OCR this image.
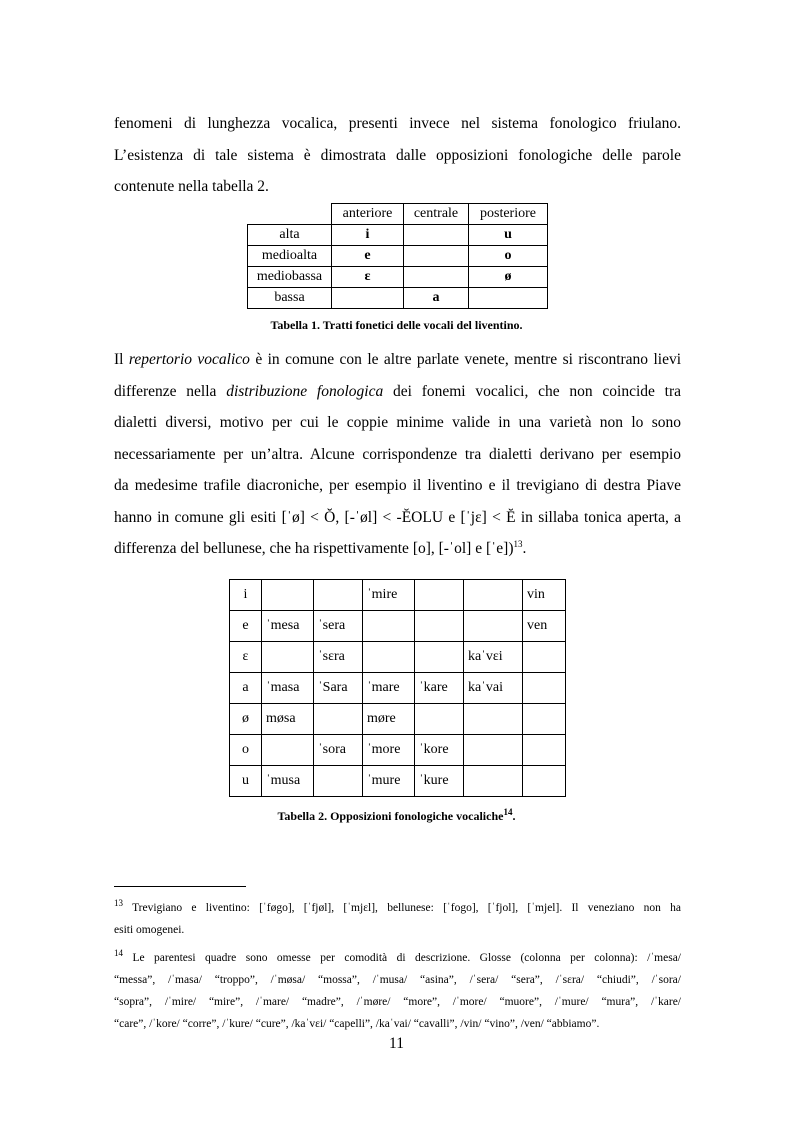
fenomeni di lunghezza vocalica, presenti invece nel sistema fonologico friulano.
L’esistenza di tale sistema è dimostrata dalle opposizioni fonologiche delle parole
contenute nella tabella 2.

	anteriore	centrale	posteriore
alta	i		u
medioalta	e		o
mediobassa	ɛ		ø
bassa		a	
Tabella 1. Tratti fonetici delle vocali del liventino.

Il repertorio vocalico è in comune con le altre parlate venete, mentre si riscontrano lievi
differenze nella distribuzione fonologica dei fonemi vocalici, che non coincide tra
dialetti diversi, motivo per cui le coppie minime valide in una varietà non lo sono
necessariamente per un’altra. Alcune corrispondenze tra dialetti derivano per esempio
da medesime trafile diacroniche, per esempio il liventino e il trevigiano di destra Piave
hanno in comune gli esiti [ˈø] < Ŏ, [-ˈøl] < -ĔOLU e [ˈjɛ] < Ĕ in sillaba tonica aperta, a
differenza del bellunese, che ha rispettivamente [o], [-ˈol] e [ˈe])$^{13}$.

i			ˈmire			vin
e	ˈmesa	ˈsera				ven
ɛ		ˈsɛra			kaˈvɛi	
a	ˈmasa	ˈSara	ˈmare	ˈkare	kaˈvai	
ø	møsa		møre			
o		ˈsora	ˈmore	ˈkore		
u	ˈmusa		ˈmure	ˈkure		
Tabella 2. Opposizioni fonologiche vocaliche$^{14}$.

$^{13}$ Trevigiano e liventino: [ˈføgo], [ˈfjøl], [ˈmjɛl], bellunese: [ˈfogo], [ˈfjol], [ˈmjel]. Il veneziano non ha
esiti omogenei.

$^{14}$ Le parentesi quadre sono omesse per comodità di descrizione. Glosse (colonna per colonna): /ˈmesa/
“messa”, /ˈmasa/ “troppo”, /ˈmøsa/ “mossa”, /ˈmusa/ “asina”, /ˈsera/ “sera”, /ˈsɛra/ “chiudi”, /ˈsora/
“sopra”, /ˈmire/ “mire”, /ˈmare/ “madre”, /ˈmøre/ “more”, /ˈmore/ “muore”, /ˈmure/ “mura”, /ˈkare/
“care”, /ˈkore/ “corre”, /ˈkure/ “cure”, /kaˈvɛi/ “capelli”, /kaˈvai/ “cavalli”, /vin/ “vino”, /ven/ “abbiamo”.

11
